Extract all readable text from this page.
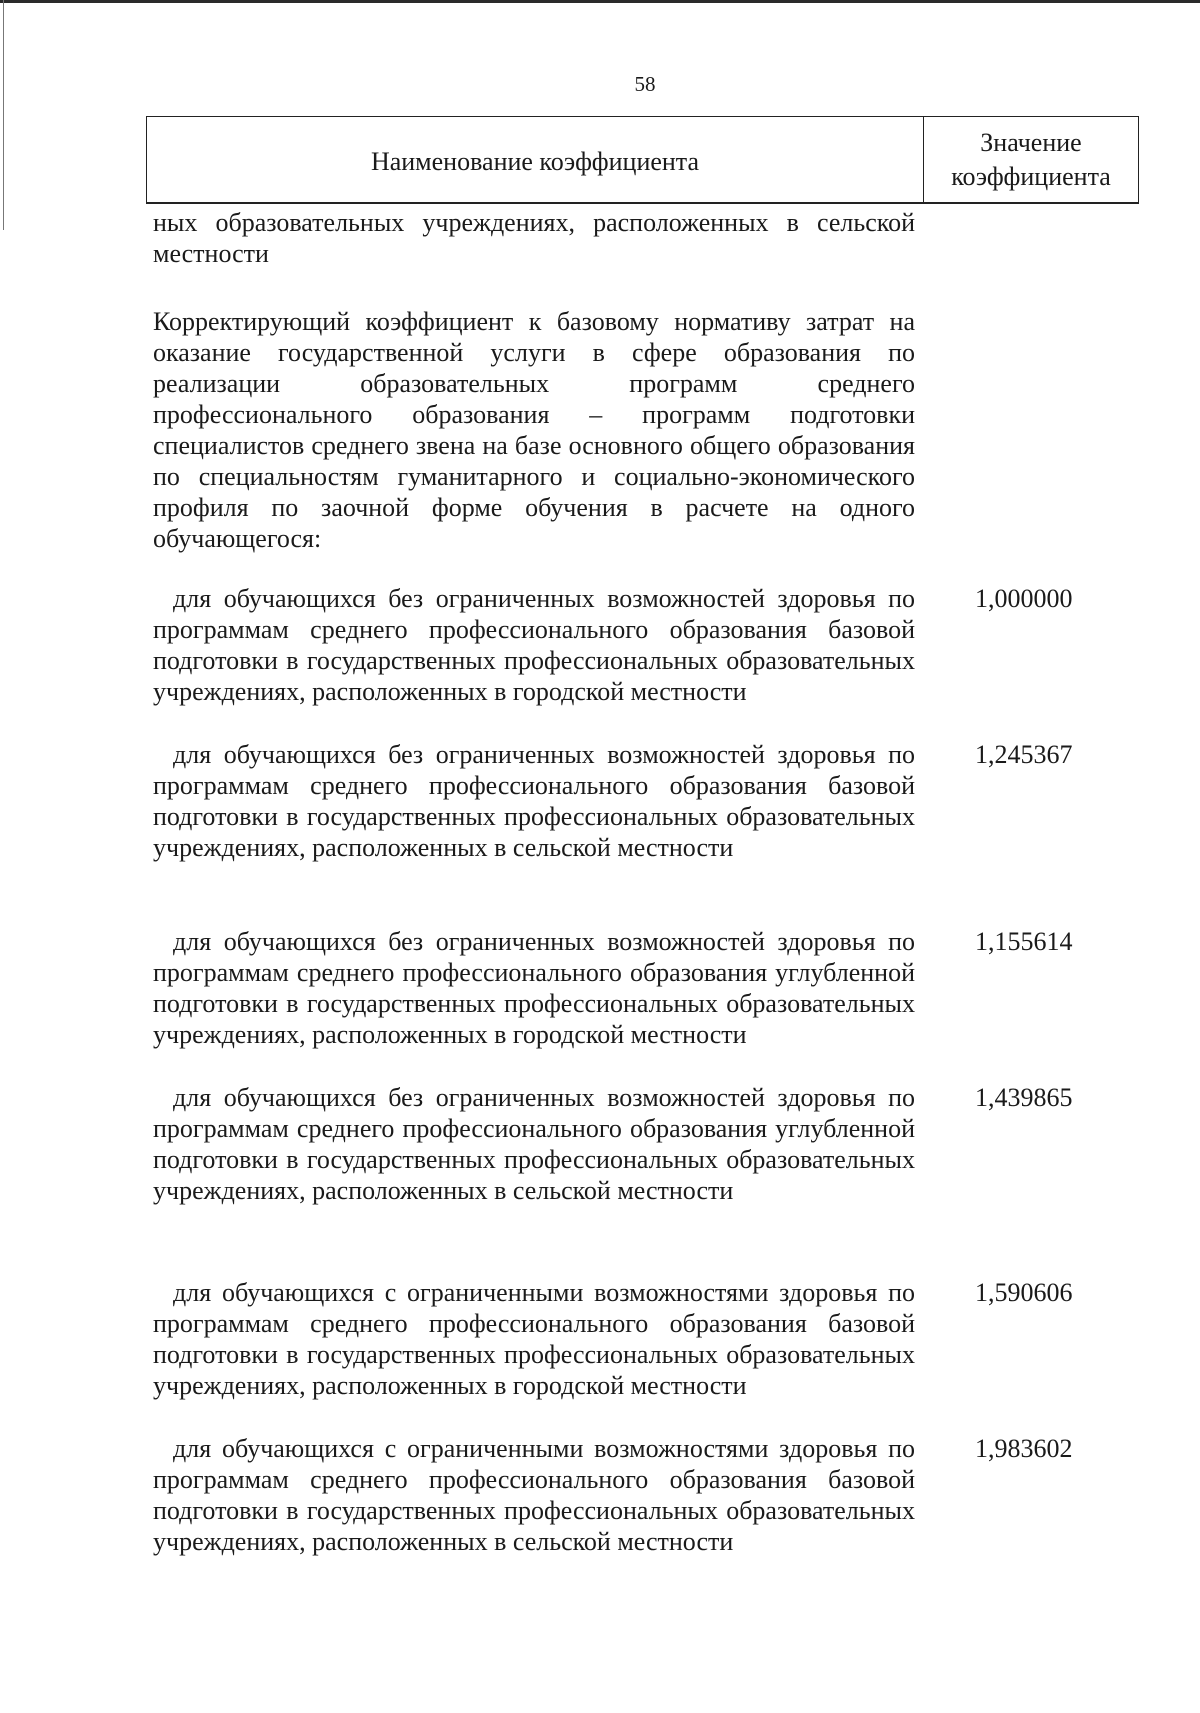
58
Наименование коэффициента
Значение
коэффициента
ных образовательных учреждениях, расположенных в сельской местности
Корректирующий коэффициент к базовому нормативу затрат на оказание государственной услуги в сфере образования по реализации образовательных программ среднего профессионального образования – программ подготовки специалистов среднего звена на базе основного общего образования по специальностям гуманитарного и социально-экономического профиля по заочной форме обучения в расчете на одного обучающегося:
для обучающихся без ограниченных возможностей здоровья по программам среднего профессионального образования базовой подготовки в государственных профессиональных образовательных учреждениях, расположенных в городской местности
1,000000
для обучающихся без ограниченных возможностей здоровья по программам среднего профессионального образования базовой подготовки в государственных профессиональных образовательных учреждениях, расположенных в сельской местности
1,245367
для обучающихся без ограниченных возможностей здоровья по программам среднего профессионального образования углубленной подготовки в государственных профессиональных образовательных учреждениях, расположенных в городской местности
1,155614
для обучающихся без ограниченных возможностей здоровья по программам среднего профессионального образования углубленной подготовки в государственных профессиональных образовательных учреждениях, расположенных в сельской местности
1,439865
для обучающихся с ограниченными возможностями здоровья по программам среднего профессионального образования базовой подготовки в государственных профессиональных образовательных учреждениях, расположенных в городской местности
1,590606
для обучающихся с ограниченными возможностями здоровья по программам среднего профессионального образования базовой подготовки в государственных профессиональных образовательных учреждениях, расположенных в сельской местности
1,983602
